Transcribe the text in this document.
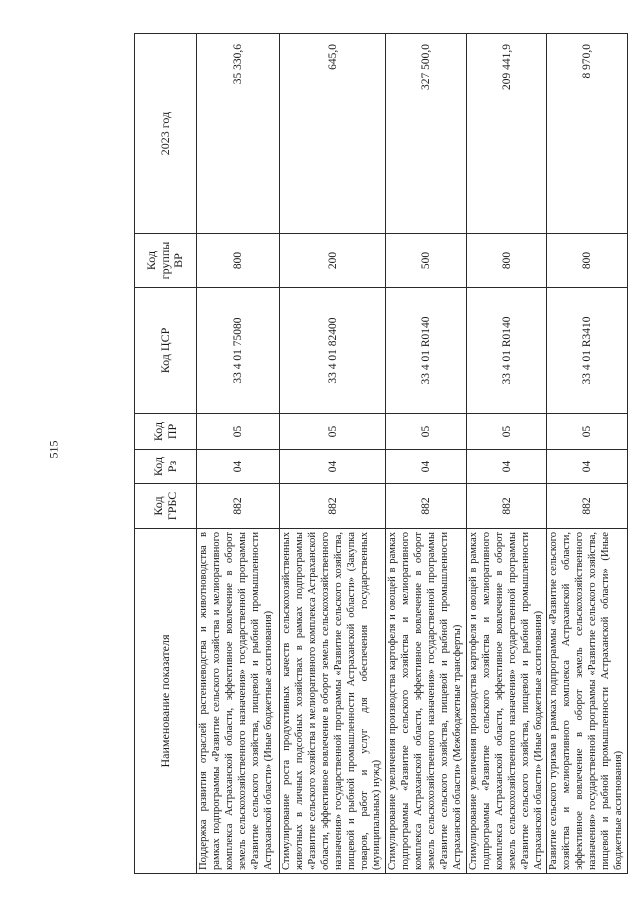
515
Наименование показателя	Код ГРБС	Код Рз	Код ПР	Код ЦСР	Код группы ВР	2023 год
Поддержка развития отраслей растениеводства и животноводства в рамках подпрограммы «Развитие сельского хозяйства и мелиоративного комплекса Астраханской области, эффективное вовлечение в оборот земель сельскохозяйственного назначения» государственной программы «Развитие сельского хозяйства, пищевой и рыбной промышленности Астраханской области» (Иные бюджетные ассигнования)	882	04	05	33 4 01 75080	800	35 330,6
Стимулирование роста продуктивных качеств сельскохозяйственных животных в личных подсобных хозяйствах в рамках подпрограммы «Развитие сельского хозяйства и мелиоративного комплекса Астраханской области, эффективное вовлечение в оборот земель сельскохозяйственного назначения» государственной программы «Развитие сельского хозяйства, пищевой и рыбной промышленности Астраханской области» (Закупка товаров, работ и услуг для обеспечения государственных (муниципальных) нужд)	882	04	05	33 4 01 82400	200	645,0
Стимулирование увеличения производства картофеля и овощей в рамках подпрограммы «Развитие сельского хозяйства и мелиоративного комплекса Астраханской области, эффективное вовлечение в оборот земель сельскохозяйственного назначения» государственной программы «Развитие сельского хозяйства, пищевой и рыбной промышленности Астраханской области» (Межбюджетные трансферты)	882	04	05	33 4 01 R0140	500	327 500,0
Стимулирование увеличения производства картофеля и овощей в рамках подпрограммы «Развитие сельского хозяйства и мелиоративного комплекса Астраханской области, эффективное вовлечение в оборот земель сельскохозяйственного назначения» государственной программы «Развитие сельского хозяйства, пищевой и рыбной промышленности Астраханской области» (Иные бюджетные ассигнования)	882	04	05	33 4 01 R0140	800	209 441,9
Развитие сельского туризма в рамках подпрограммы «Развитие сельского хозяйства и мелиоративного комплекса Астраханской области, эффективное вовлечение в оборот земель сельскохозяйственного назначения» государственной программы «Развитие сельского хозяйства, пищевой и рыбной промышленности Астраханской области» (Иные бюджетные ассигнования)	882	04	05	33 4 01 R3410	800	8 970,0
